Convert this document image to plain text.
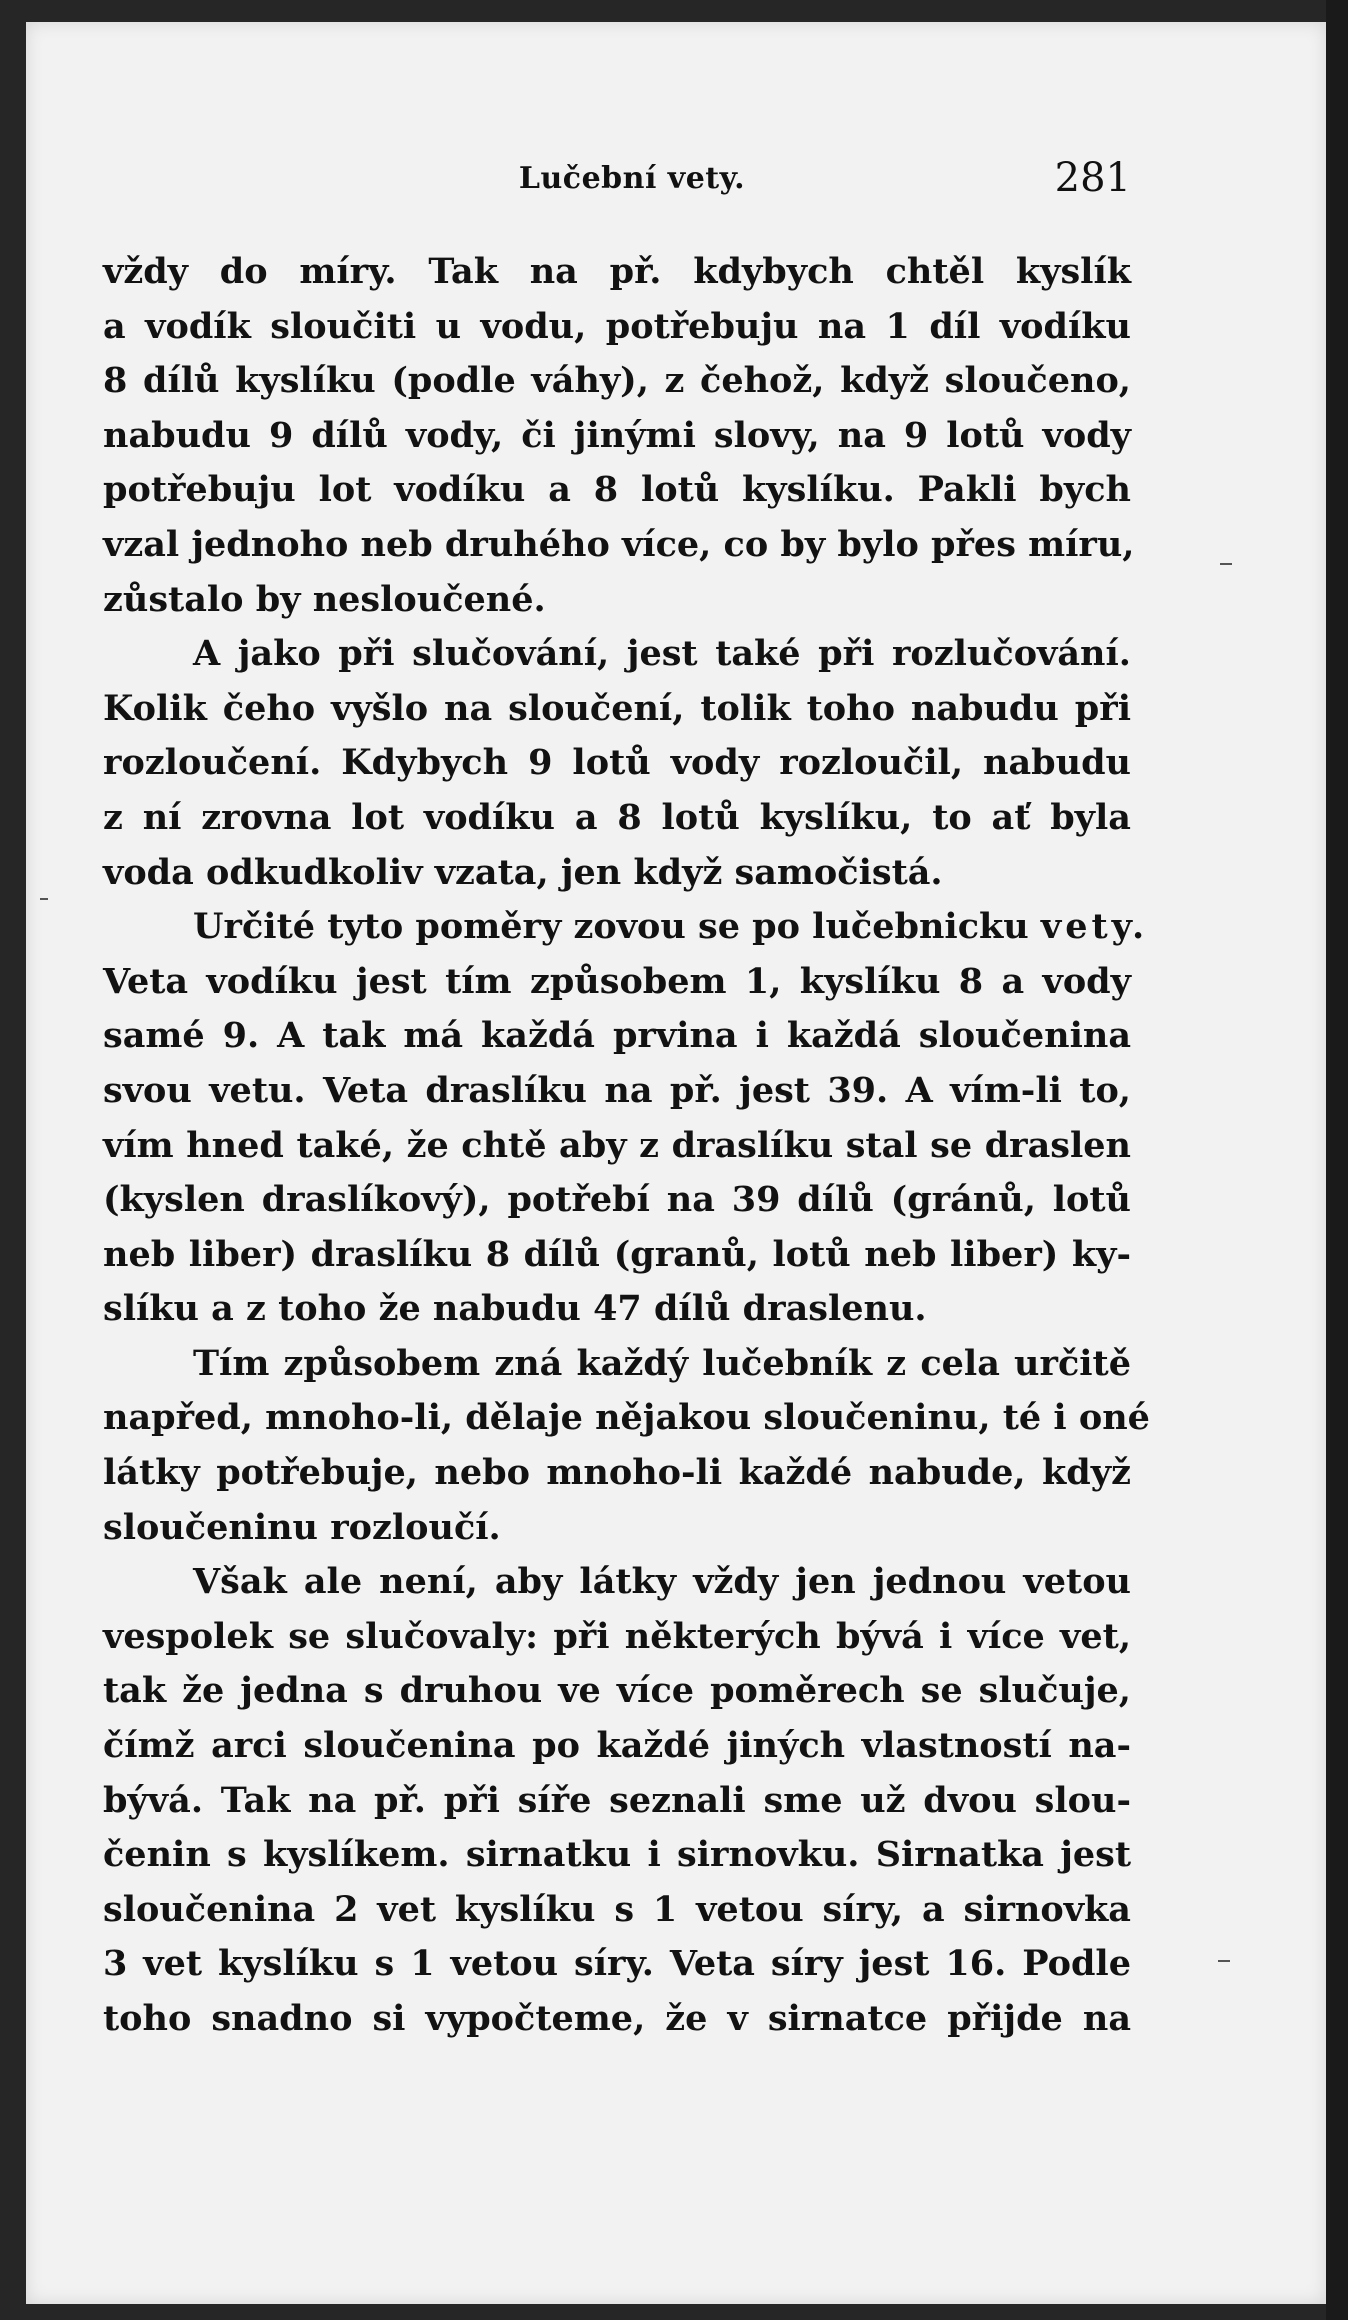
Lučební vety.	281
vždy do míry. Tak na př. kdybych chtěl kyslík
a vodík sloučiti u vodu, potřebuju na 1 díl vodíku
8 dílů kyslíku (podle váhy), z čehož, když sloučeno,
nabudu 9 dílů vody, či jinými slovy, na 9 lotů vody
potřebuju lot vodíku a 8 lotů kyslíku. Pakli bych
vzal jednoho neb druhého více, co by bylo přes míru,
zůstalo by nesloučené.
A jako při slučování, jest také při rozlučování.
Kolik čeho vyšlo na sloučení, tolik toho nabudu při
rozloučení. Kdybych 9 lotů vody rozloučil, nabudu
z ní zrovna lot vodíku a 8 lotů kyslíku, to ať byla
voda odkudkoliv vzata, jen když samočistá.
Určité tyto poměry zovou se po lučebnicku vety.
Veta vodíku jest tím způsobem 1, kyslíku 8 a vody
samé 9. A tak má každá prvina i každá sloučenina
svou vetu. Veta draslíku na př. jest 39. A vím-li to,
vím hned také, že chtě aby z draslíku stal se draslen
(kyslen draslíkový), potřebí na 39 dílů (gránů, lotů
neb liber) draslíku 8 dílů (granů, lotů neb liber) ky-
slíku a z toho že nabudu 47 dílů draslenu.
Tím způsobem zná každý lučebník z cela určitě
napřed, mnoho-li, dělaje nějakou sloučeninu, té i oné
látky potřebuje, nebo mnoho-li každé nabude, když
sloučeninu rozloučí.
Však ale není, aby látky vždy jen jednou vetou
vespolek se slučovaly: při některých bývá i více vet,
tak že jedna s druhou ve více poměrech se slučuje,
čímž arci sloučenina po každé jiných vlastností na-
bývá. Tak na př. při síře seznali sme už dvou slou-
čenin s kyslíkem. sirnatku i sirnovku. Sirnatka jest
sloučenina 2 vet kyslíku s 1 vetou síry, a sirnovka
3 vet kyslíku s 1 vetou síry. Veta síry jest 16. Podle
toho snadno si vypočteme, že v sirnatce přijde na
